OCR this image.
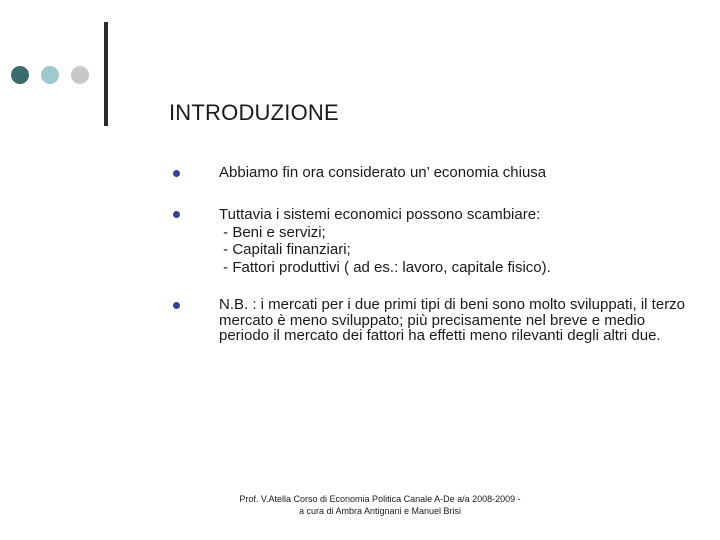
INTRODUZIONE
Abbiamo fin ora considerato un’ economia chiusa
Tuttavia i sistemi economici possono scambiare:
- Beni e servizi;
- Capitali finanziari;
- Fattori produttivi ( ad es.: lavoro, capitale fisico).
N.B. : i mercati per i due primi tipi di beni sono molto sviluppati, il terzo mercato è meno sviluppato; più precisamente nel breve e medio periodo il mercato dei fattori ha effetti meno rilevanti degli altri due.
Prof. V.Atella Corso di Economia Politica Canale A-De a/a 2008-2009 -
a cura di Ambra Antignani e Manuel Brisi
